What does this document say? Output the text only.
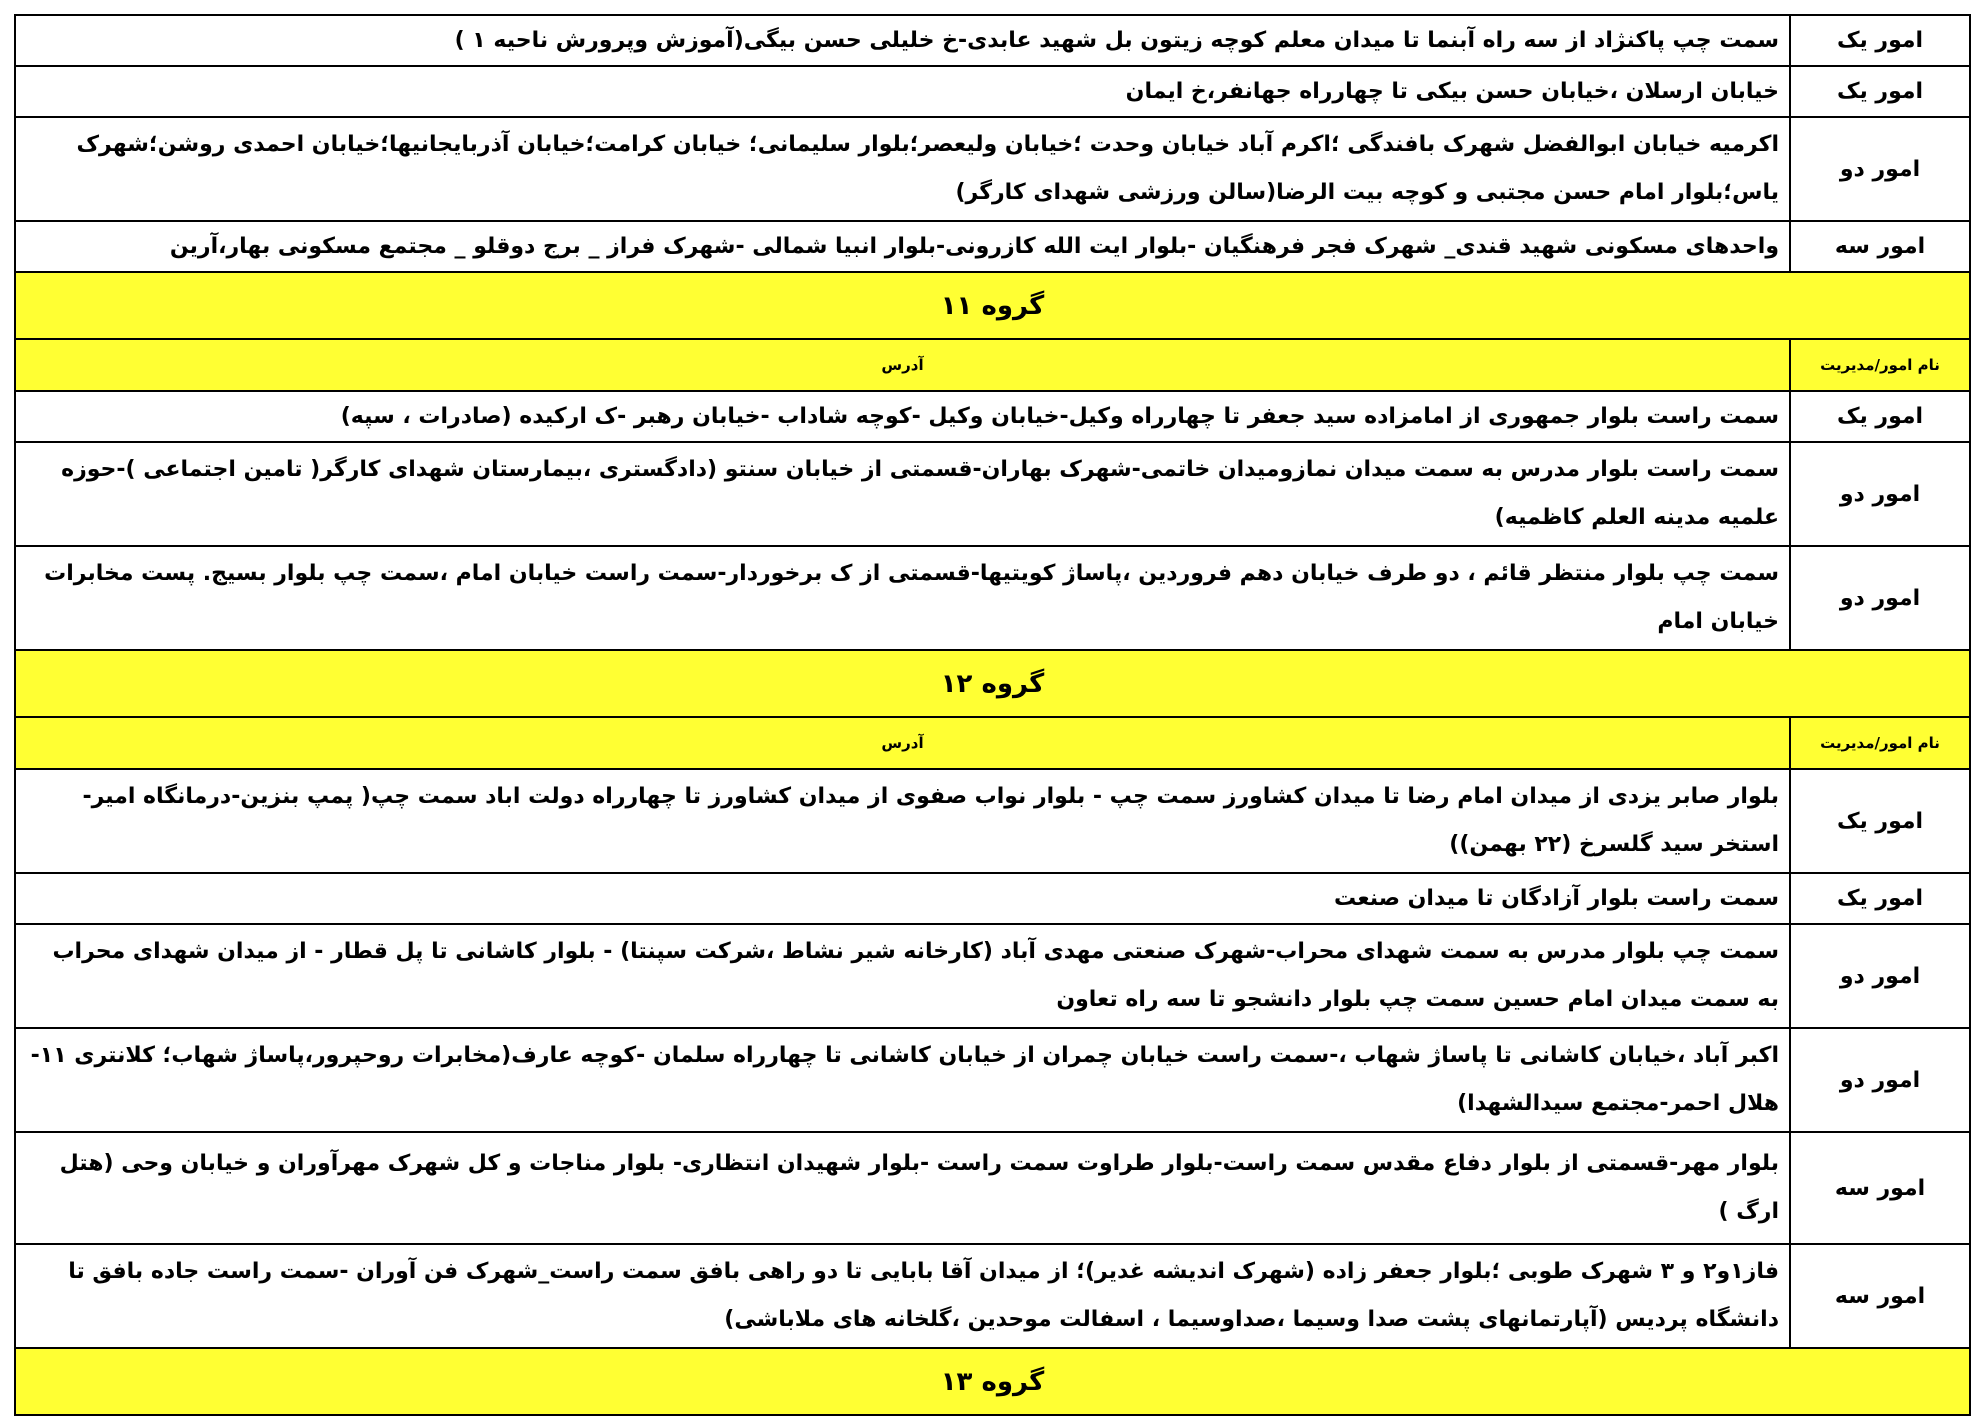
امور یک	سمت چپ پاکنژاد از سه راه آبنما تا میدان معلم کوچه زیتون بل شهید عابدی-خ خلیلی حسن بیگی(آموزش وپرورش ناحیه ۱ )
امور یک	خیابان ارسلان ،خیابان حسن بیکی تا چهارراه جهانفر،خ ایمان
امور دو	اکرمیه خیابان ابوالفضل شهرک بافندگی ؛اکرم آباد خیابان وحدت ؛خیابان ولیعصر؛بلوار سلیمانی؛ خیابان کرامت؛خیابان آذربایجانیها؛خیابان احمدی روشن؛شهرک یاس؛بلوار امام حسن مجتبی و کوچه بیت الرضا(سالن ورزشی شهدای کارگر)
امور سه	واحدهای مسکونی شهید قندی_ شهرک فجر فرهنگیان -بلوار ایت الله کازرونی-بلوار انبیا شمالی -شهرک فراز _ برج دوقلو _ مجتمع مسکونی بهار،آرین
گروه ۱۱	
نام امور/مدیریت	آدرس
امور یک	سمت راست بلوار جمهوری از امامزاده سید جعفر تا چهارراه وکیل-خیابان وکیل -کوچه شاداب -خیابان رهبر -ک ارکیده (صادرات ، سپه)
امور دو	سمت راست بلوار مدرس به سمت میدان نمازومیدان خاتمی-شهرک بهاران-قسمتی از خیابان سنتو (دادگستری ،بیمارستان شهدای کارگر( تامین اجتماعی )-حوزه علمیه مدینه العلم کاظمیه)
امور دو	سمت چپ بلوار منتظر قائم ، دو طرف خیابان دهم فروردین ،پاساژ کویتیها-قسمتی از ک برخوردار-سمت راست خیابان امام ،سمت چپ بلوار بسیج. پست مخابرات خیابان امام
گروه ۱۲	
نام امور/مدیریت	آدرس
امور یک	بلوار صابر یزدی از میدان امام رضا تا میدان کشاورز سمت چپ - بلوار نواب صفوی از میدان کشاورز تا چهارراه دولت اباد سمت چپ( پمپ بنزین-درمانگاه امیر-استخر سید گلسرخ (۲۲ بهمن))
امور یک	سمت راست بلوار آزادگان تا میدان صنعت
امور دو	سمت چپ بلوار مدرس به سمت شهدای محراب-شهرک صنعتی مهدی آباد (کارخانه شیر نشاط ،شرکت سپنتا) - بلوار کاشانی تا پل قطار - از میدان شهدای محراب به سمت میدان امام حسین سمت چپ بلوار دانشجو تا سه راه تعاون
امور دو	اکبر آباد ،خیابان کاشانی تا پاساژ شهاب ،-سمت راست خیابان چمران از خیابان کاشانی تا چهارراه سلمان -کوچه عارف(مخابرات روحپرور،پاساژ شهاب؛ کلانتری ۱۱-هلال احمر-مجتمع سیدالشهدا)
امور سه	بلوار مهر-قسمتی از بلوار دفاع مقدس سمت راست-بلوار طراوت سمت راست -بلوار شهیدان انتظاری- بلوار مناجات و کل شهرک مهرآوران و خیابان وحی (هتل ارگ )
امور سه	فاز۱و۲ و ۳ شهرک طوبی ؛بلوار جعفر زاده (شهرک اندیشه غدیر)؛ از میدان آقا بابایی تا دو راهی بافق سمت راست_شهرک فن آوران -سمت راست جاده بافق تا دانشگاه پردیس (آپارتمانهای پشت صدا وسیما ،صداوسیما ، اسفالت موحدین ،گلخانه های ملاباشی)
گروه ۱۳	
